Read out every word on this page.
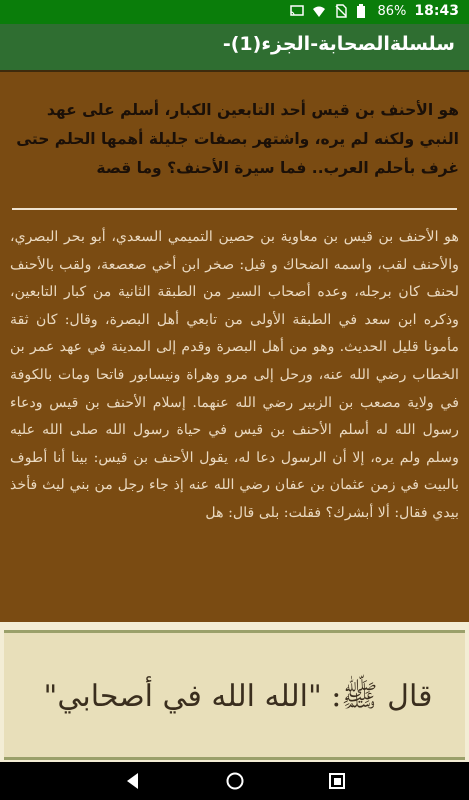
86% 18:43
سلسلةالصحابة-الجزء(1)-
هو الأحنف بن قيس أحد التابعين الكبار، أسلم على عهد النبي ولكنه لم يره، واشتهر بصفات جليلة أهمها الحلم حتى غرف بأحلم العرب.. فما سيرة الأحنف؟ وما قصة
هو الأحنف بن قيس بن معاوية بن حصين التميمي السعدي، أبو بحر البصري، والأحنف لقب، واسمه الضحاك و قيل: صخر ابن أخي صعصعة، ولقب بالأحنف لحنف كان برجله، وعده أصحاب السير من الطبقة الثانية من كبار التابعين، وذكره ابن سعد في الطبقة الأولى من تابعي أهل البصرة، وقال: كان ثقة مأمونا قليل الحديث. وهو من أهل البصرة وقدم إلى المدينة في عهد عمر بن الخطاب رضي الله عنه، ورحل إلى مرو وهراة ونيسابور فاتحا ومات بالكوفة في ولاية مصعب بن الزبير رضي الله عنهما. إسلام الأحنف بن قيس ودعاء رسول الله له أسلم الأحنف بن قيس في حياة رسول الله صلى الله عليه وسلم ولم يره، إلا أن الرسول دعا له، يقول الأحنف بن قيس: بينا أنا أطوف بالبيت في زمن عثمان بن عفان رضي الله عنه إذ جاء رجل من بني ليث فأخذ بيدي فقال: ألا أبشرك؟ فقلت: بلى قال: هل
قال ﷺ: "الله الله في أصحابي"
